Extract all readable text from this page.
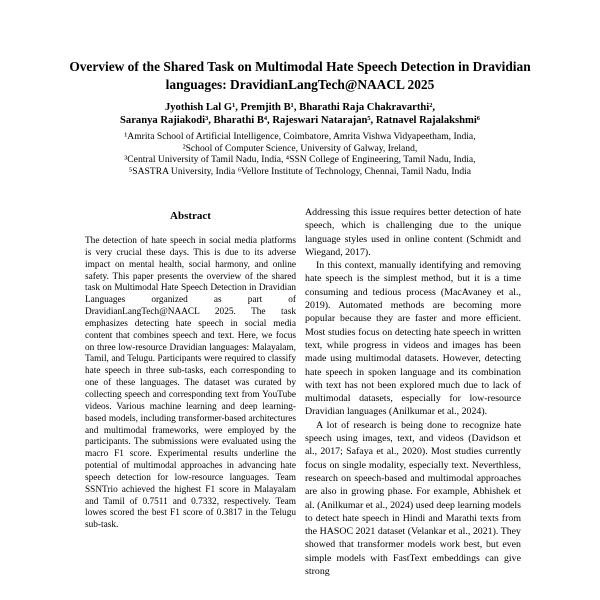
Overview of the Shared Task on Multimodal Hate Speech Detection in Dravidian languages: DravidianLangTech@NAACL 2025
Jyothish Lal G¹, Premjith B¹, Bharathi Raja Chakravarthi²,
Saranya Rajiakodi³, Bharathi B⁴, Rajeswari Natarajan⁵, Ratnavel Rajalakshmi⁶
¹Amrita School of Artificial Intelligence, Coimbatore, Amrita Vishwa Vidyapeetham, India,
²School of Computer Science, University of Galway, Ireland,
³Central University of Tamil Nadu, India, ⁴SSN College of Engineering, Tamil Nadu, India,
⁵SASTRA University, India ⁶Vellore Institute of Technology, Chennai, Tamil Nadu, India
Abstract

The detection of hate speech in social media platforms is very crucial these days. This is due to its adverse impact on mental health, social harmony, and online safety. This paper presents the overview of the shared task on Multimodal Hate Speech Detection in Dravidian Languages organized as part of DravidianLangTech@NAACL 2025. The task emphasizes detecting hate speech in social media content that combines speech and text. Here, we focus on three low-resource Dravidian languages: Malayalam, Tamil, and Telugu. Participants were required to classify hate speech in three sub-tasks, each corresponding to one of these languages. The dataset was curated by collecting speech and corresponding text from YouTube videos. Various machine learning and deep learning-based models, including transformer-based architectures and multimodal frameworks, were employed by the participants. The submissions were evaluated using the macro F1 score. Experimental results underline the potential of multimodal approaches in advancing hate speech detection for low-resource languages. Team SSNTrio achieved the highest F1 score in Malayalam and Tamil of 0.7511 and 0.7332, respectively. Team lowes scored the best F1 score of 0.3817 in the Telugu sub-task.

Addressing this issue requires better detection of hate speech, which is challenging due to the unique language styles used in online content (Schmidt and Wiegand, 2017).

In this context, manually identifying and removing hate speech is the simplest method, but it is a time consuming and tedious process (MacAvaney et al., 2019). Automated methods are becoming more popular because they are faster and more efficient. Most studies focus on detecting hate speech in written text, while progress in videos and images has been made using multimodal datasets. However, detecting hate speech in spoken language and its combination with text has not been explored much due to lack of multimodal datasets, especially for low-resource Dravidian languages (Anilkumar et al., 2024).

A lot of research is being done to recognize hate speech using images, text, and videos (Davidson et al., 2017; Safaya et al., 2020). Most studies currently focus on single modality, especially text. Neverthless, research on speech-based and multimodal approaches are also in growing phase. For example, Abhishek et al. (Anilkumar et al., 2024) used deep learning models to detect hate speech in Hindi and Marathi texts from the HASOC 2021 dataset (Velankar et al., 2021). They showed that transformer models work best, but even simple models with FastText embeddings can give strong
